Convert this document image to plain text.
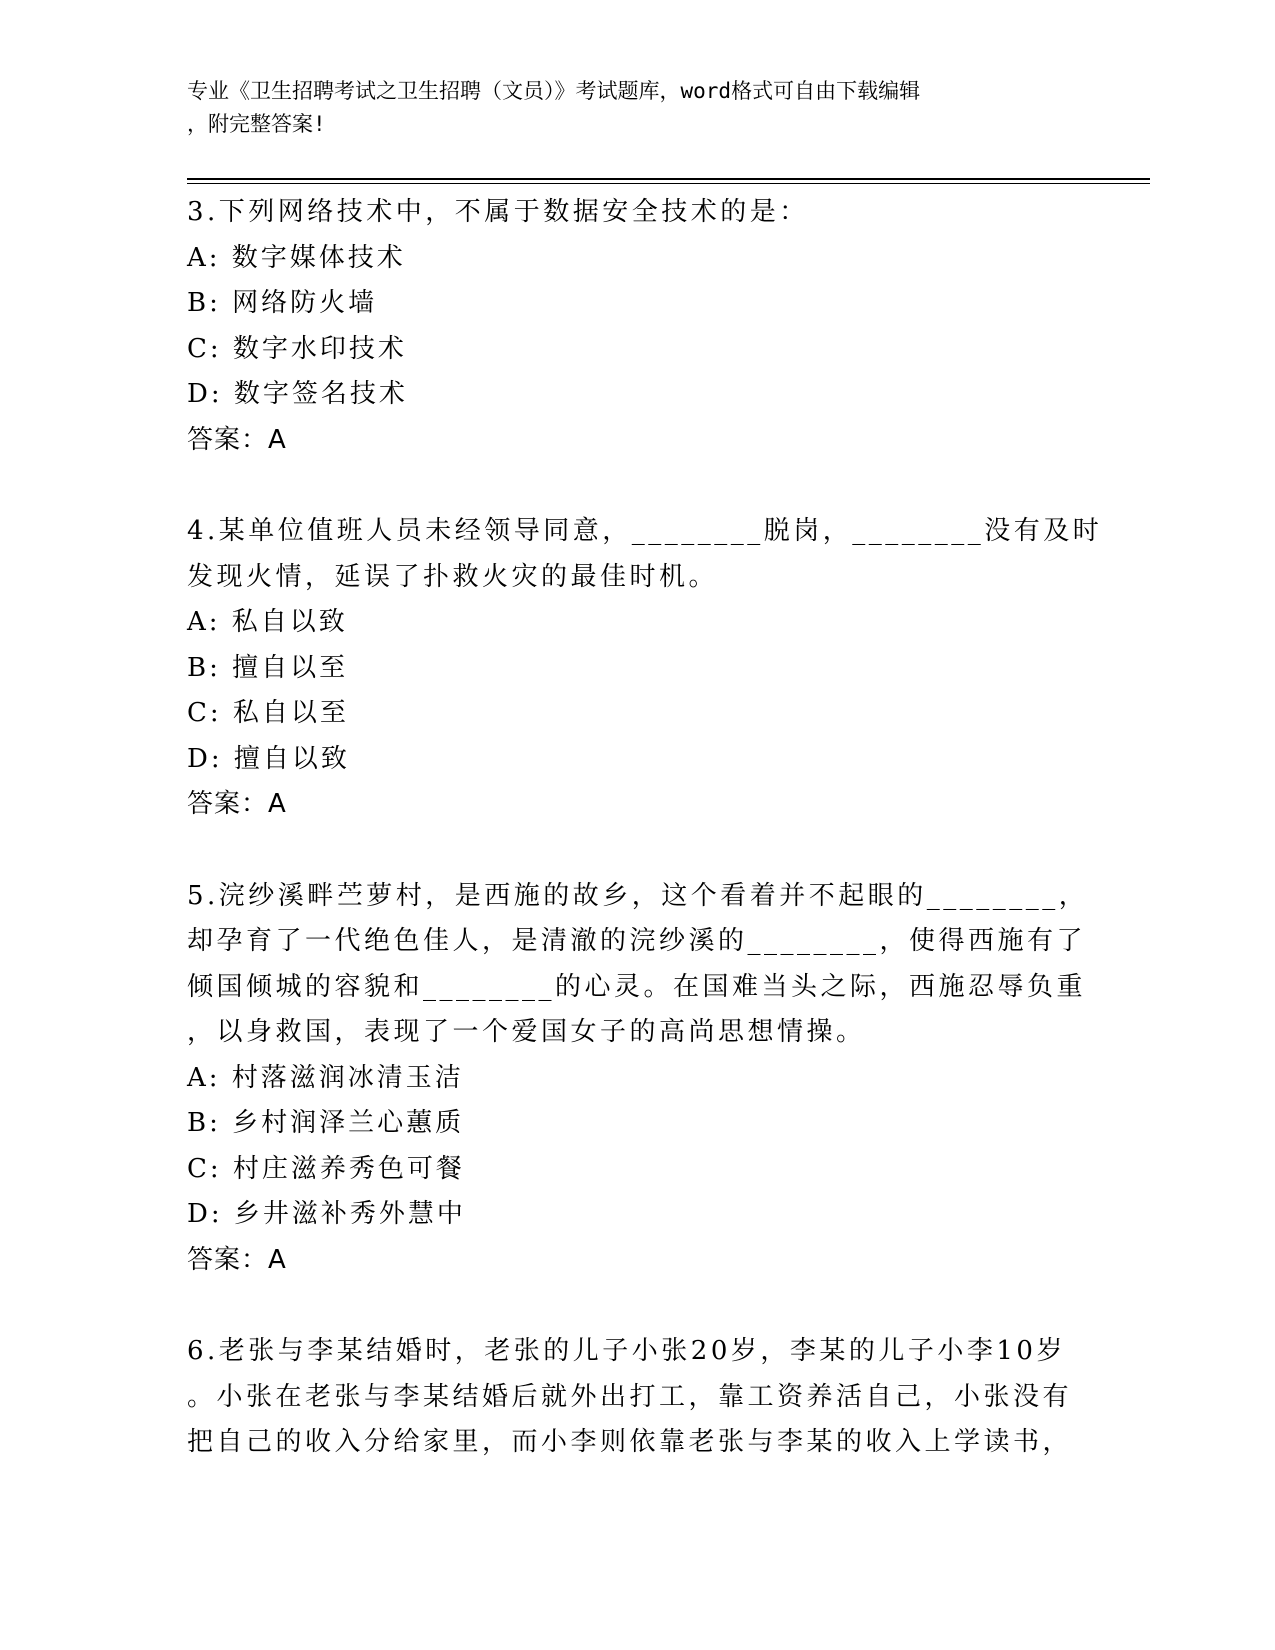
专业《卫生招聘考试之卫生招聘（文员）》考试题库，word格式可自由下载编辑
，附完整答案!
3.下列网络技术中，不属于数据安全技术的是：
A: 数字媒体技术
B: 网络防火墙
C: 数字水印技术
D: 数字签名技术
答案：A
4.某单位值班人员未经领导同意，________脱岗，________没有及时
发现火情，延误了扑救火灾的最佳时机。
A: 私自以致
B: 擅自以至
C: 私自以至
D: 擅自以致
答案：A
5.浣纱溪畔苎萝村，是西施的故乡，这个看着并不起眼的________，
却孕育了一代绝色佳人，是清澈的浣纱溪的________，使得西施有了
倾国倾城的容貌和________的心灵。在国难当头之际，西施忍辱负重
，以身救国，表现了一个爱国女子的高尚思想情操。
A: 村落滋润冰清玉洁
B: 乡村润泽兰心蕙质
C: 村庄滋养秀色可餐
D: 乡井滋补秀外慧中
答案：A
6.老张与李某结婚时，老张的儿子小张20岁，李某的儿子小李10岁
。小张在老张与李某结婚后就外出打工，靠工资养活自己，小张没有
把自己的收入分给家里，而小李则依靠老张与李某的收入上学读书，
